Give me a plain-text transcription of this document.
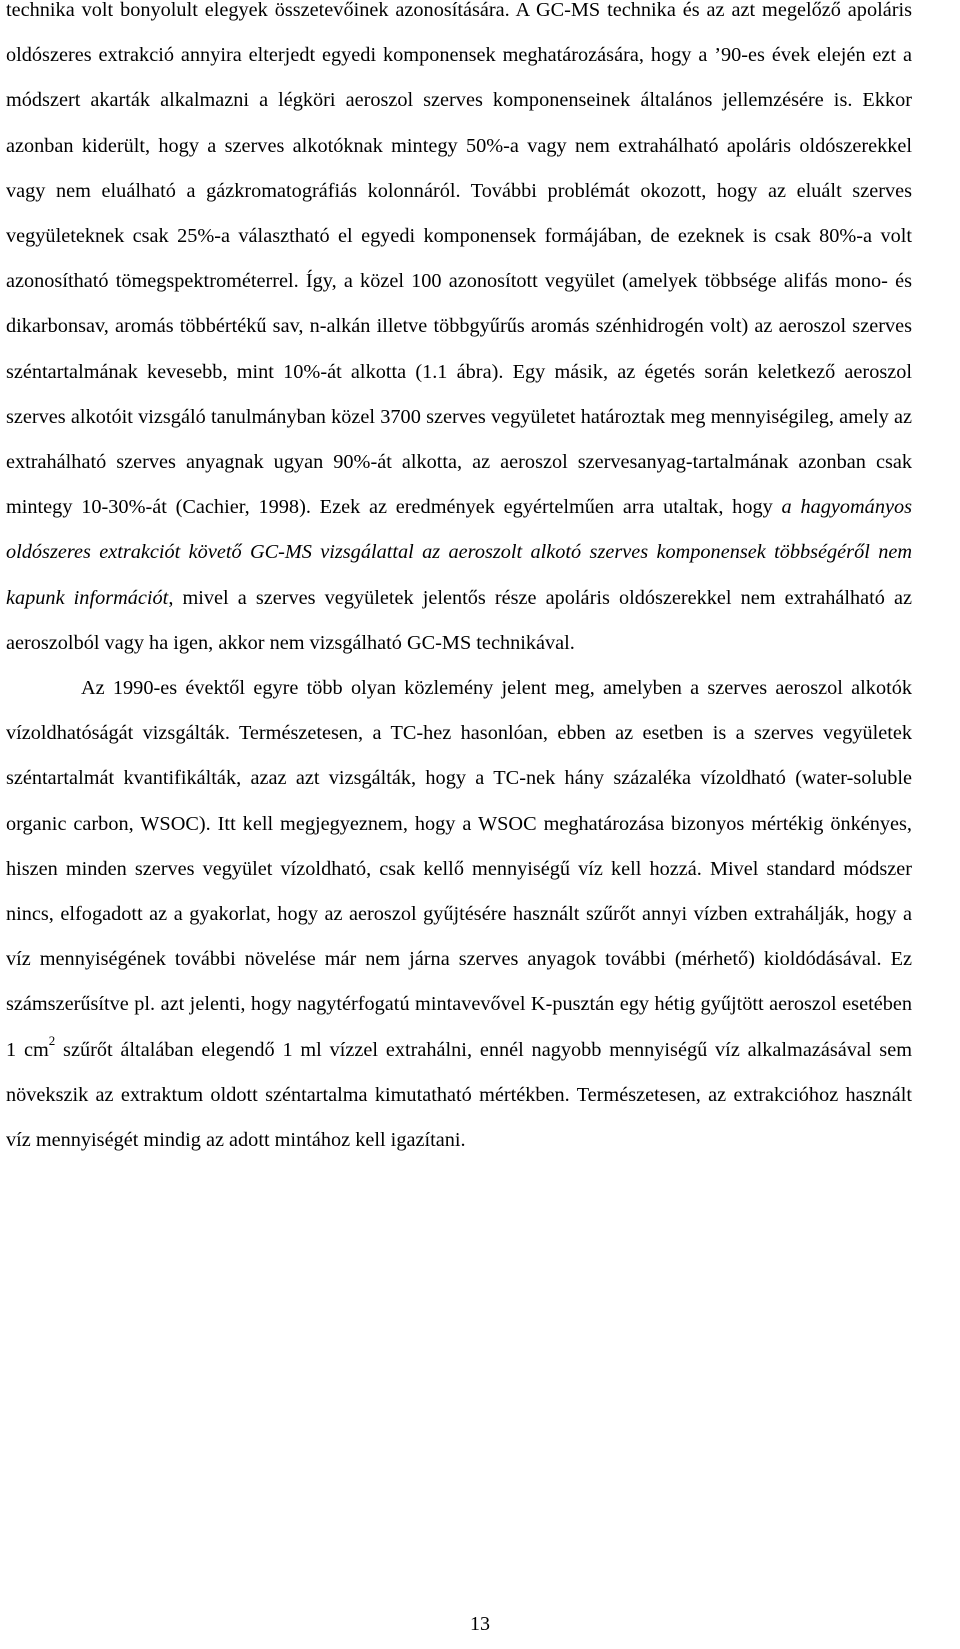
technika volt bonyolult elegyek összetevőinek azonosítására. A GC-MS technika és az azt megelőző apoláris oldószeres extrakció annyira elterjedt egyedi komponensek meghatározására, hogy a ’90-es évek elején ezt a módszert akarták alkalmazni a légköri aeroszol szerves komponenseinek általános jellemzésére is. Ekkor azonban kiderült, hogy a szerves alkotóknak mintegy 50%-a vagy nem extrahálható apoláris oldószerekkel vagy nem eluálható a gázkromatográfiás kolonnáról. További problémát okozott, hogy az eluált szerves vegyületeknek csak 25%-a választható el egyedi komponensek formájában, de ezeknek is csak 80%-a volt azonosítható tömegspektrométerrel. Így, a közel 100 azonosított vegyület (amelyek többsége alifás mono- és dikarbonsav, aromás többértékű sav, n-alkán illetve többgyűrűs aromás szénhidrogén volt) az aeroszol szerves széntartalmának kevesebb, mint 10%-át alkotta (1.1 ábra). Egy másik, az égetés során keletkező aeroszol szerves alkotóit vizsgáló tanulmányban közel 3700 szerves vegyületet határoztak meg mennyiségileg, amely az extrahálható szerves anyagnak ugyan 90%-át alkotta, az aeroszol szervesanyag-tartalmának azonban csak mintegy 10-30%-át (Cachier, 1998). Ezek az eredmények egyértelműen arra utaltak, hogy a hagyományos oldószeres extrakciót követő GC-MS vizsgálattal az aeroszolt alkotó szerves komponensek többségéről nem kapunk információt, mivel a szerves vegyületek jelentős része apoláris oldószerekkel nem extrahálható az aeroszolból vagy ha igen, akkor nem vizsgálható GC-MS technikával.

Az 1990-es évektől egyre több olyan közlemény jelent meg, amelyben a szerves aeroszol alkotók vízoldhatóságát vizsgálták. Természetesen, a TC-hez hasonlóan, ebben az esetben is a szerves vegyületek széntartalmát kvantifikálták, azaz azt vizsgálták, hogy a TC-nek hány százaléka vízoldható (water-soluble organic carbon, WSOC). Itt kell megjegyeznem, hogy a WSOC meghatározása bizonyos mértékig önkényes, hiszen minden szerves vegyület vízoldható, csak kellő mennyiségű víz kell hozzá. Mivel standard módszer nincs, elfogadott az a gyakorlat, hogy az aeroszol gyűjtésére használt szűrőt annyi vízben extrahálják, hogy a víz mennyiségének további növelése már nem járna szerves anyagok további (mérhető) kioldódásával. Ez számszerűsítve pl. azt jelenti, hogy nagytérfogatú mintavevővel K-pusztán egy hétig gyűjtött aeroszol esetében 1 $cm^2$ szűrőt általában elegendő 1 ml vízzel extrahálni, ennél nagyobb mennyiségű víz alkalmazásával sem növekszik az extraktum oldott széntartalma kimutatható mértékben. Természetesen, az extrakcióhoz használt víz mennyiségét mindig az adott mintához kell igazítani.

13
